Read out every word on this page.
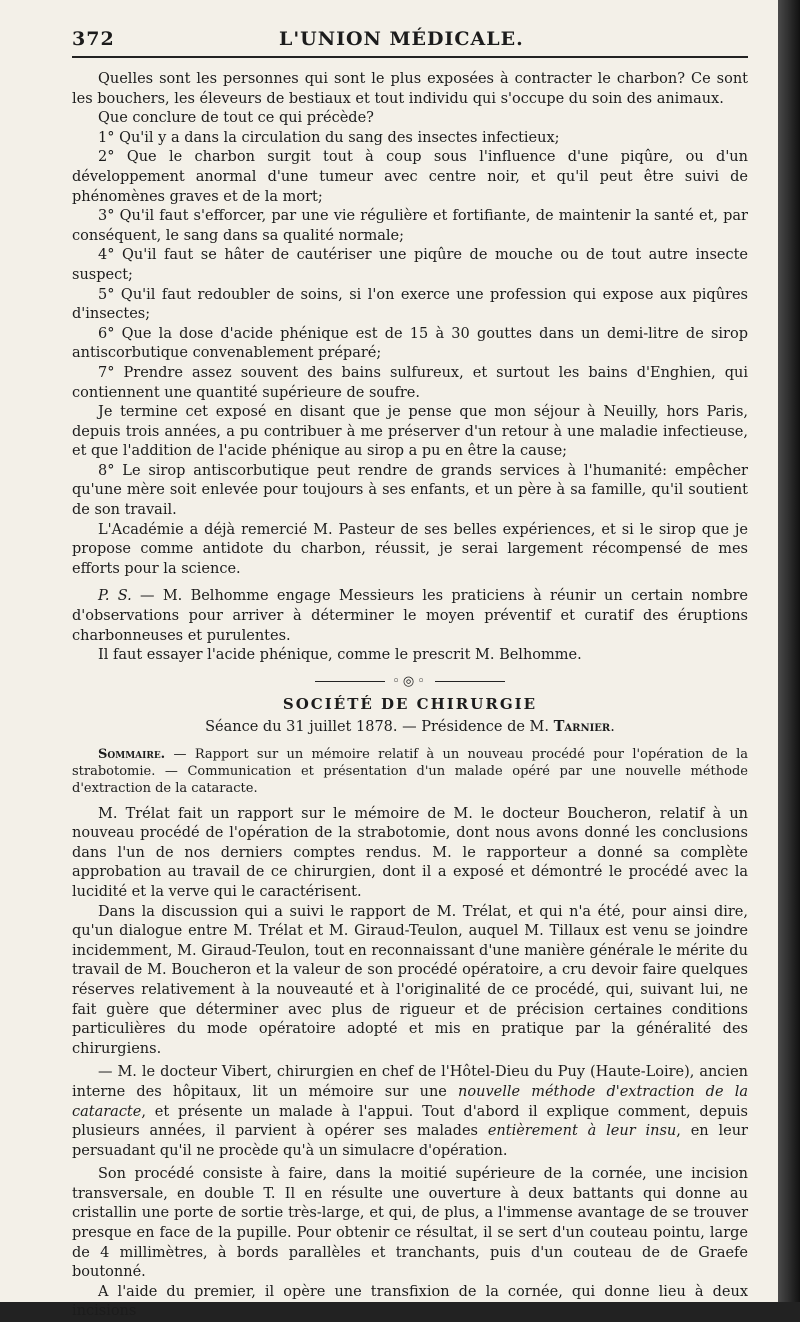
372	L'UNION MÉDICALE.

Quelles sont les personnes qui sont le plus exposées à contracter le charbon? Ce sont les bouchers, les éleveurs de bestiaux et tout individu qui s'occupe du soin des animaux.

Que conclure de tout ce qui précède?

1° Qu'il y a dans la circulation du sang des insectes infectieux;

2° Que le charbon surgit tout à coup sous l'influence d'une piqûre, ou d'un développement anormal d'une tumeur avec centre noir, et qu'il peut être suivi de phénomènes graves et de la mort;

3° Qu'il faut s'efforcer, par une vie régulière et fortifiante, de maintenir la santé et, par conséquent, le sang dans sa qualité normale;

4° Qu'il faut se hâter de cautériser une piqûre de mouche ou de tout autre insecte suspect;

5° Qu'il faut redoubler de soins, si l'on exerce une profession qui expose aux piqûres d'insectes;

6° Que la dose d'acide phénique est de 15 à 30 gouttes dans un demi-litre de sirop antiscorbutique convenablement préparé;

7° Prendre assez souvent des bains sulfureux, et surtout les bains d'Enghien, qui contiennent une quantité supérieure de soufre.

Je termine cet exposé en disant que je pense que mon séjour à Neuilly, hors Paris, depuis trois années, a pu contribuer à me préserver d'un retour à une maladie infectieuse, et que l'addition de l'acide phénique au sirop a pu en être la cause;

8° Le sirop antiscorbutique peut rendre de grands services à l'humanité: empêcher qu'une mère soit enlevée pour toujours à ses enfants, et un père à sa famille, qu'il soutient de son travail.

L'Académie a déjà remercié M. Pasteur de ses belles expériences, et si le sirop que je propose comme antidote du charbon, réussit, je serai largement récompensé de mes efforts pour la science.

P. S. — M. Belhomme engage Messieurs les praticiens à réunir un certain nombre d'observations pour arriver à déterminer le moyen préventif et curatif des éruptions charbonneuses et purulentes.

Il faut essayer l'acide phénique, comme le prescrit M. Belhomme.

◦◎◦
SOCIÉTÉ DE CHIRURGIE
Séance du 31 juillet 1878. — Présidence de M. Tarnier.

Sommaire. — Rapport sur un mémoire relatif à un nouveau procédé pour l'opération de la strabotomie. — Communication et présentation d'un malade opéré par une nouvelle méthode d'extraction de la cataracte.

M. Trélat fait un rapport sur le mémoire de M. le docteur Boucheron, relatif à un nouveau procédé de l'opération de la strabotomie, dont nous avons donné les conclusions dans l'un de nos derniers comptes rendus. M. le rapporteur a donné sa complète approbation au travail de ce chirurgien, dont il a exposé et démontré le procédé avec la lucidité et la verve qui le caractérisent.

Dans la discussion qui a suivi le rapport de M. Trélat, et qui n'a été, pour ainsi dire, qu'un dialogue entre M. Trélat et M. Giraud-Teulon, auquel M. Tillaux est venu se joindre incidemment, M. Giraud-Teulon, tout en reconnaissant d'une manière générale le mérite du travail de M. Boucheron et la valeur de son procédé opératoire, a cru devoir faire quelques réserves relativement à la nouveauté et à l'originalité de ce procédé, qui, suivant lui, ne fait guère que déterminer avec plus de rigueur et de précision certaines conditions particulières du mode opératoire adopté et mis en pratique par la généralité des chirurgiens.

— M. le docteur Vibert, chirurgien en chef de l'Hôtel-Dieu du Puy (Haute-Loire), ancien interne des hôpitaux, lit un mémoire sur une nouvelle méthode d'extraction de la cataracte, et présente un malade à l'appui. Tout d'abord il explique comment, depuis plusieurs années, il parvient à opérer ses malades entièrement à leur insu, en leur persuadant qu'il ne procède qu'à un simulacre d'opération.

Son procédé consiste à faire, dans la moitié supérieure de la cornée, une incision transversale, en double T. Il en résulte une ouverture à deux battants qui donne au cristallin une porte de sortie très-large, et qui, de plus, a l'immense avantage de se trouver presque en face de la pupille. Pour obtenir ce résultat, il se sert d'un couteau pointu, large de 4 millimètres, à bords parallèles et tranchants, puis d'un couteau de de Graefe boutonné.

A l'aide du premier, il opère une transfixion de la cornée, qui donne lieu à deux incisions
